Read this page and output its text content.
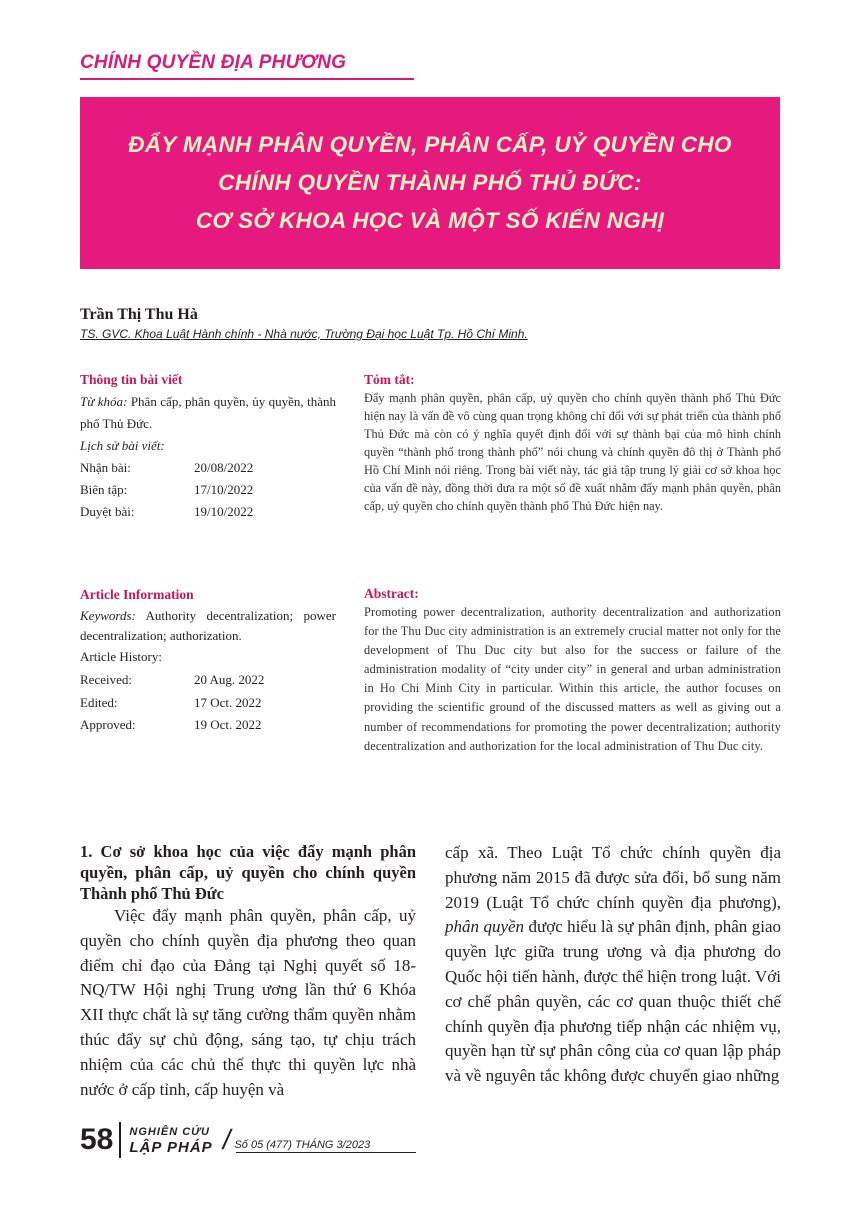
CHÍNH QUYỀN ĐỊA PHƯƠNG
ĐẨY MẠNH PHÂN QUYỀN, PHÂN CẤP, UỶ QUYỀN CHO
CHÍNH QUYỀN THÀNH PHỐ THỦ ĐỨC:
CƠ SỞ KHOA HỌC VÀ MỘT SỐ KIẾN NGHỊ
Trần Thị Thu Hà
TS. GVC. Khoa Luật Hành chính - Nhà nước, Trường Đại học Luật Tp. Hồ Chí Minh.
Thông tin bài viết
Từ khóa: Phân cấp, phân quyền, ủy quyền, thành phố Thủ Đức.
Lịch sử bài viết:
Nhận bài:	20/08/2022
Biên tập:	17/10/2022
Duyệt bài:	19/10/2022
Tóm tắt:
Đẩy mạnh phân quyền, phân cấp, uỷ quyền cho chính quyền thành phố Thủ Đức hiện nay là vấn đề vô cùng quan trọng không chỉ đối với sự phát triển của thành phố Thủ Đức mà còn có ý nghĩa quyết định đối với sự thành bại của mô hình chính quyền “thành phố trong thành phố” nói chung và chính quyền đô thị ở Thành phố Hồ Chí Minh nói riêng. Trong bài viết này, tác giả tập trung lý giải cơ sở khoa học của vấn đề này, đồng thời đưa ra một số đề xuất nhằm đẩy mạnh phân quyền, phân cấp, uỷ quyền cho chính quyền thành phố Thủ Đức hiện nay.
Article Information
Keywords: Authority decentralization; power decentralization; authorization.
Article History:
Received:	20 Aug. 2022
Edited:	17 Oct. 2022
Approved:	19 Oct. 2022
Abstract:
Promoting power decentralization, authority decentralization and authorization for the Thu Duc city administration is an extremely crucial matter not only for the development of Thu Duc city but also for the success or failure of the administration modality of “city under city” in general and urban administration in Ho Chi Minh City in particular. Within this article, the author focuses on providing the scientific ground of the discussed matters as well as giving out a number of recommendations for promoting the power decentralization; authority decentralization and authorization for the local administration of Thu Duc city.

1. Cơ sở khoa học của việc đẩy mạnh phân quyền, phân cấp, uỷ quyền cho chính quyền Thành phố Thủ Đức

Việc đẩy mạnh phân quyền, phân cấp, uỷ quyền cho chính quyền địa phương theo quan điểm chỉ đạo của Đảng tại Nghị quyết số 18-NQ/TW Hội nghị Trung ương lần thứ 6 Khóa XII thực chất là sự tăng cường thẩm quyền nhằm thúc đẩy sự chủ động, sáng tạo, tự chịu trách nhiệm của các chủ thể thực thi quyền lực nhà nước ở cấp tỉnh, cấp huyện và

cấp xã. Theo Luật Tổ chức chính quyền địa phương năm 2015 đã được sửa đổi, bổ sung năm 2019 (Luật Tổ chức chính quyền địa phương), phân quyền được hiểu là sự phân định, phân giao quyền lực giữa trung ương và địa phương do Quốc hội tiến hành, được thể hiện trong luật. Với cơ chế phân quyền, các cơ quan thuộc thiết chế chính quyền địa phương tiếp nhận các nhiệm vụ, quyền hạn từ sự phân công của cơ quan lập pháp và về nguyên tắc không được chuyển giao những

58 NGHIÊN CỨU
LẬP PHÁP / Số 05 (477) THÁNG 3/2023
